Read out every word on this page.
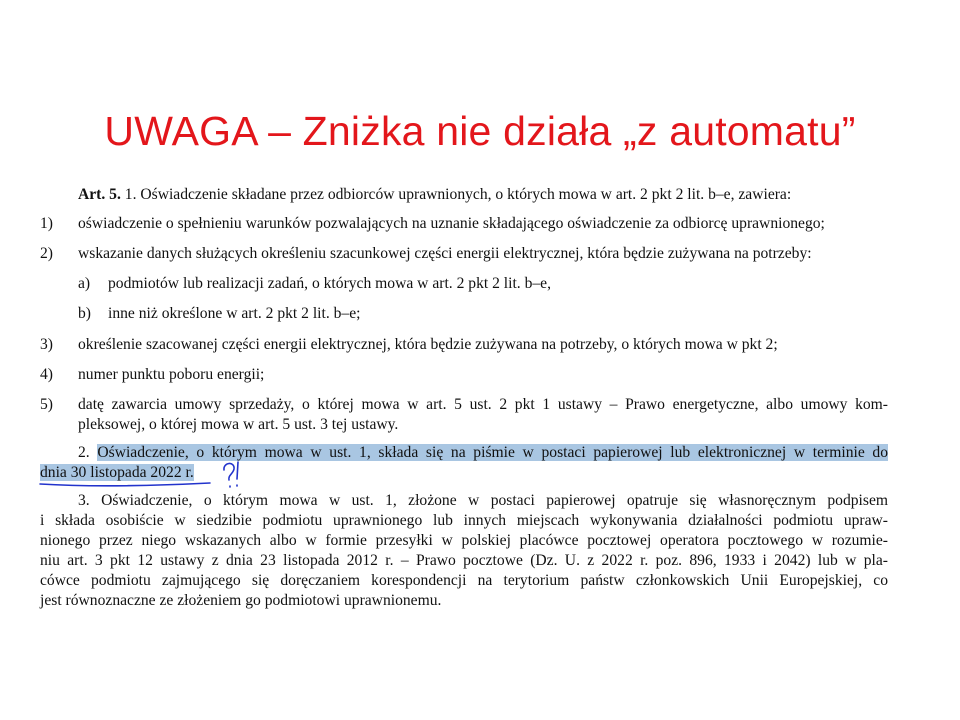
UWAGA – Zniżka nie działa „z automatu”
Art. 5. 1. Oświadczenie składane przez odbiorców uprawnionych, o których mowa w art. 2 pkt 2 lit. b–e, zawiera:
1) oświadczenie o spełnieniu warunków pozwalających na uznanie składającego oświadczenie za odbiorcę uprawnionego;
2) wskazanie danych służących określeniu szacunkowej części energii elektrycznej, która będzie zużywana na potrzeby:
a) podmiotów lub realizacji zadań, o których mowa w art. 2 pkt 2 lit. b–e,
b) inne niż określone w art. 2 pkt 2 lit. b–e;
3) określenie szacowanej części energii elektrycznej, która będzie zużywana na potrzeby, o których mowa w pkt 2;
4) numer punktu poboru energii;
5) datę zawarcia umowy sprzedaży, o której mowa w art. 5 ust. 2 pkt 1 ustawy – Prawo energetyczne, albo umowy kom-
pleksowej, o której mowa w art. 5 ust. 3 tej ustawy.
2. Oświadczenie, o którym mowa w ust. 1, składa się na piśmie w postaci papierowej lub elektronicznej w terminie do
dnia 30 listopada 2022 r.
3. Oświadczenie, o którym mowa w ust. 1, złożone w postaci papierowej opatruje się własnoręcznym podpisem
i składa osobiście w siedzibie podmiotu uprawnionego lub innych miejscach wykonywania działalności podmiotu upraw-
nionego przez niego wskazanych albo w formie przesyłki w polskiej placówce pocztowej operatora pocztowego w rozumie-
niu art. 3 pkt 12 ustawy z dnia 23 listopada 2012 r. – Prawo pocztowe (Dz. U. z 2022 r. poz. 896, 1933 i 2042) lub w pla-
cówce podmiotu zajmującego się doręczaniem korespondencji na terytorium państw członkowskich Unii Europejskiej, co
jest równoznaczne ze złożeniem go podmiotowi uprawnionemu.
